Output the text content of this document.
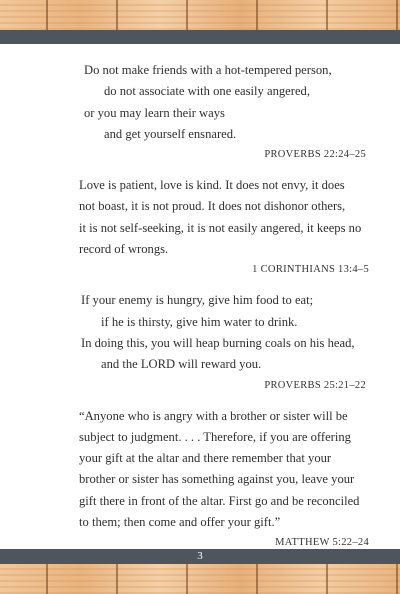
Do not make friends with a hot-tempered person,
do not associate with one easily angered,
or you may learn their ways
and get yourself ensnared.
PROVERBS 22:24–25
Love is patient, love is kind. It does not envy, it does
not boast, it is not proud. It does not dishonor others,
it is not self-seeking, it is not easily angered, it keeps no
record of wrongs.
1 CORINTHIANS 13:4–5
If your enemy is hungry, give him food to eat;
if he is thirsty, give him water to drink.
In doing this, you will heap burning coals on his head,
and the LORD will reward you.
PROVERBS 25:21–22
“Anyone who is angry with a brother or sister will be
subject to judgment. . . . Therefore, if you are offering
your gift at the altar and there remember that your
brother or sister has something against you, leave your
gift there in front of the altar. First go and be reconciled
to them; then come and offer your gift.”
MATTHEW 5:22–24
3
